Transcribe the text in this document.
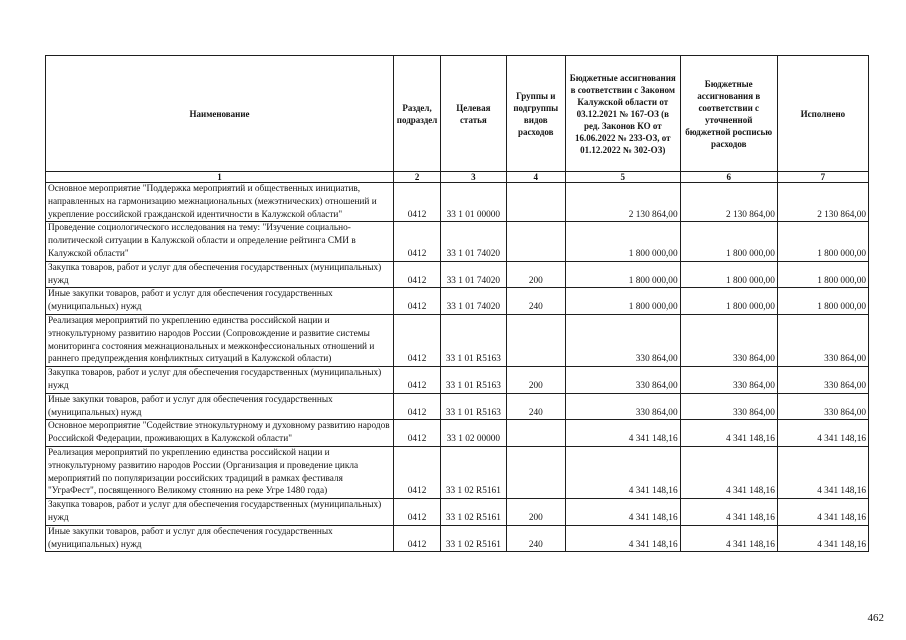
Наименование	Раздел, подраздел	Целевая статья	Группы и подгруппы видов расходов	Бюджетные ассигнования в соответствии с Законом Калужской области от 03.12.2021 № 167-ОЗ (в ред. Законов КО от 16.06.2022 № 233-ОЗ, от 01.12.2022 № 302-ОЗ)	Бюджетные ассигнования в соответствии с уточненной бюджетной росписью расходов	Исполнено
1	2	3	4	5	6	7
Основное мероприятие "Поддержка мероприятий и общественных инициатив, направленных на гармонизацию межнациональных (межэтнических) отношений и укрепление российской гражданской идентичности в Калужской области"	0412	33 1 01 00000		2 130 864,00	2 130 864,00	2 130 864,00
Проведение социологического исследования на тему: "Изучение социально-политической ситуации в Калужской области и определение рейтинга СМИ в Калужской области"	0412	33 1 01 74020		1 800 000,00	1 800 000,00	1 800 000,00
Закупка товаров, работ и услуг для обеспечения государственных (муниципальных) нужд	0412	33 1 01 74020	200	1 800 000,00	1 800 000,00	1 800 000,00
Иные закупки товаров, работ и услуг для обеспечения государственных (муниципальных) нужд	0412	33 1 01 74020	240	1 800 000,00	1 800 000,00	1 800 000,00
Реализация мероприятий по укреплению единства российской нации и этнокультурному развитию народов России (Сопровождение и развитие системы мониторинга состояния межнациональных и межконфессиональных отношений и раннего предупреждения конфликтных ситуаций в Калужской области)	0412	33 1 01 R5163		330 864,00	330 864,00	330 864,00
Закупка товаров, работ и услуг для обеспечения государственных (муниципальных) нужд	0412	33 1 01 R5163	200	330 864,00	330 864,00	330 864,00
Иные закупки товаров, работ и услуг для обеспечения государственных (муниципальных) нужд	0412	33 1 01 R5163	240	330 864,00	330 864,00	330 864,00
Основное мероприятие "Содействие этнокультурному и духовному развитию народов Российской Федерации, проживающих в Калужской области"	0412	33 1 02 00000		4 341 148,16	4 341 148,16	4 341 148,16
Реализация мероприятий по укреплению единства российской нации и этнокультурному развитию народов России (Организация и проведение цикла мероприятий по популяризации российских традиций в рамках фестиваля "УграФест", посвященного Великому стоянию на реке Угре 1480 года)	0412	33 1 02 R5161		4 341 148,16	4 341 148,16	4 341 148,16
Закупка товаров, работ и услуг для обеспечения государственных (муниципальных) нужд	0412	33 1 02 R5161	200	4 341 148,16	4 341 148,16	4 341 148,16
Иные закупки товаров, работ и услуг для обеспечения государственных (муниципальных) нужд	0412	33 1 02 R5161	240	4 341 148,16	4 341 148,16	4 341 148,16
462
